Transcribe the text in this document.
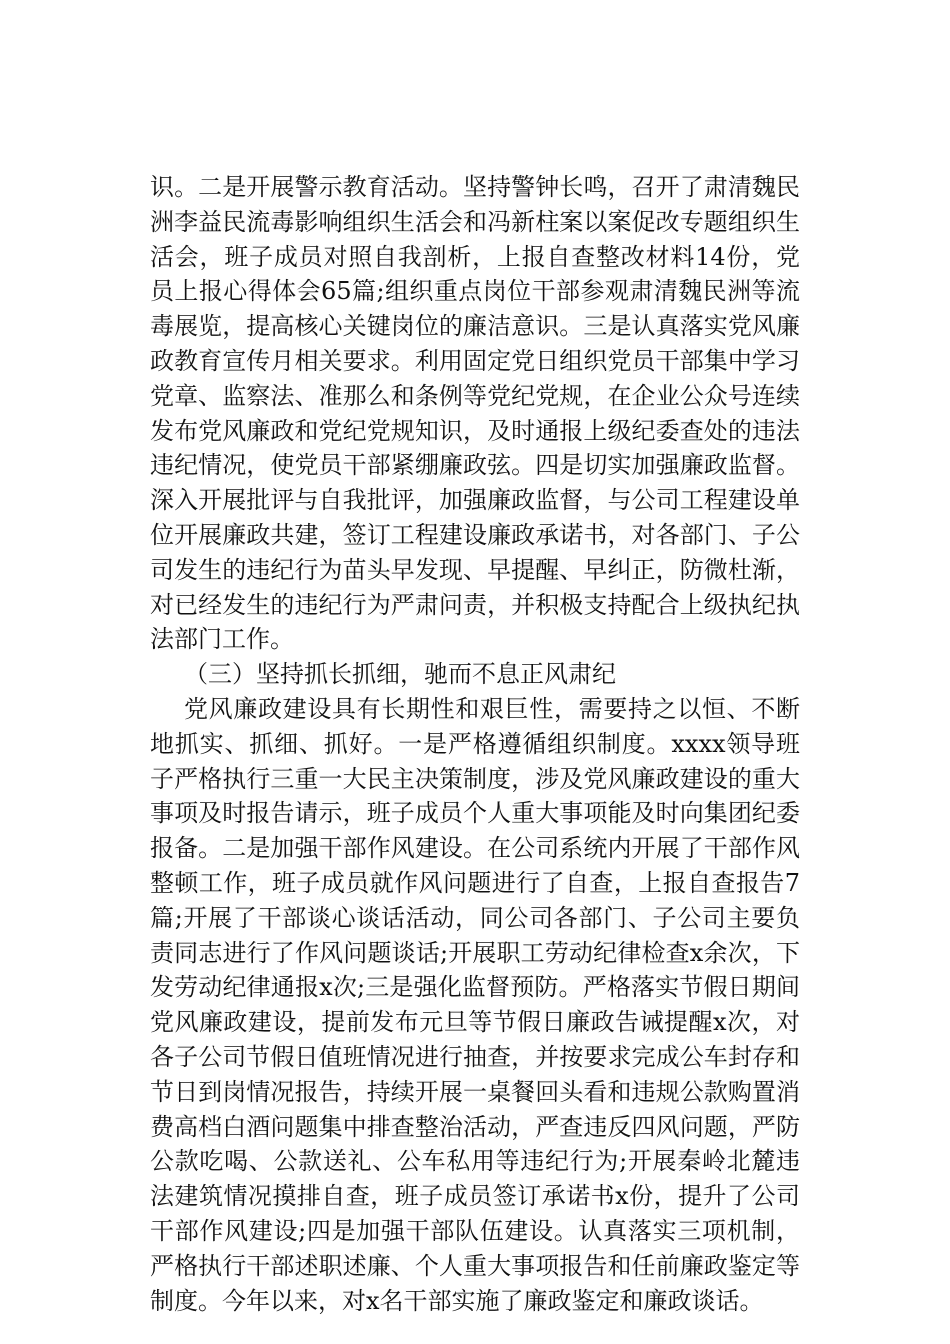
识。二是开展警示教育活动。坚持警钟长鸣，召开了肃清魏民洲李益民流毒影响组织生活会和冯新柱案以案促改专题组织生活会，班子成员对照自我剖析，上报自查整改材料14份，党员上报心得体会65篇;组织重点岗位干部参观肃清魏民洲等流毒展览，提高核心关键岗位的廉洁意识。三是认真落实党风廉政教育宣传月相关要求。利用固定党日组织党员干部集中学习党章、监察法、准那么和条例等党纪党规，在企业公众号连续发布党风廉政和党纪党规知识，及时通报上级纪委查处的违法违纪情况，使党员干部紧绷廉政弦。四是切实加强廉政监督。深入开展批评与自我批评，加强廉政监督，与公司工程建设单位开展廉政共建，签订工程建设廉政承诺书，对各部门、子公司发生的违纪行为苗头早发现、早提醒、早纠正，防微杜渐，对已经发生的违纪行为严肃问责，并积极支持配合上级执纪执法部门工作。

（三）坚持抓长抓细，驰而不息正风肃纪

党风廉政建设具有长期性和艰巨性，需要持之以恒、不断地抓实、抓细、抓好。一是严格遵循组织制度。xxxx领导班子严格执行三重一大民主决策制度，涉及党风廉政建设的重大事项及时报告请示，班子成员个人重大事项能及时向集团纪委报备。二是加强干部作风建设。在公司系统内开展了干部作风整顿工作，班子成员就作风问题进行了自查，上报自查报告7篇;开展了干部谈心谈话活动，同公司各部门、子公司主要负责同志进行了作风问题谈话;开展职工劳动纪律检查x余次，下发劳动纪律通报x次;三是强化监督预防。严格落实节假日期间党风廉政建设，提前发布元旦等节假日廉政告诫提醒x次，对各子公司节假日值班情况进行抽查，并按要求完成公车封存和节日到岗情况报告，持续开展一桌餐回头看和违规公款购置消费高档白酒问题集中排查整治活动，严查违反四风问题，严防公款吃喝、公款送礼、公车私用等违纪行为;开展秦岭北麓违法建筑情况摸排自查，班子成员签订承诺书x份，提升了公司干部作风建设;四是加强干部队伍建设。认真落实三项机制，严格执行干部述职述廉、个人重大事项报告和任前廉政鉴定等制度。今年以来，对x名干部实施了廉政鉴定和廉政谈话。
